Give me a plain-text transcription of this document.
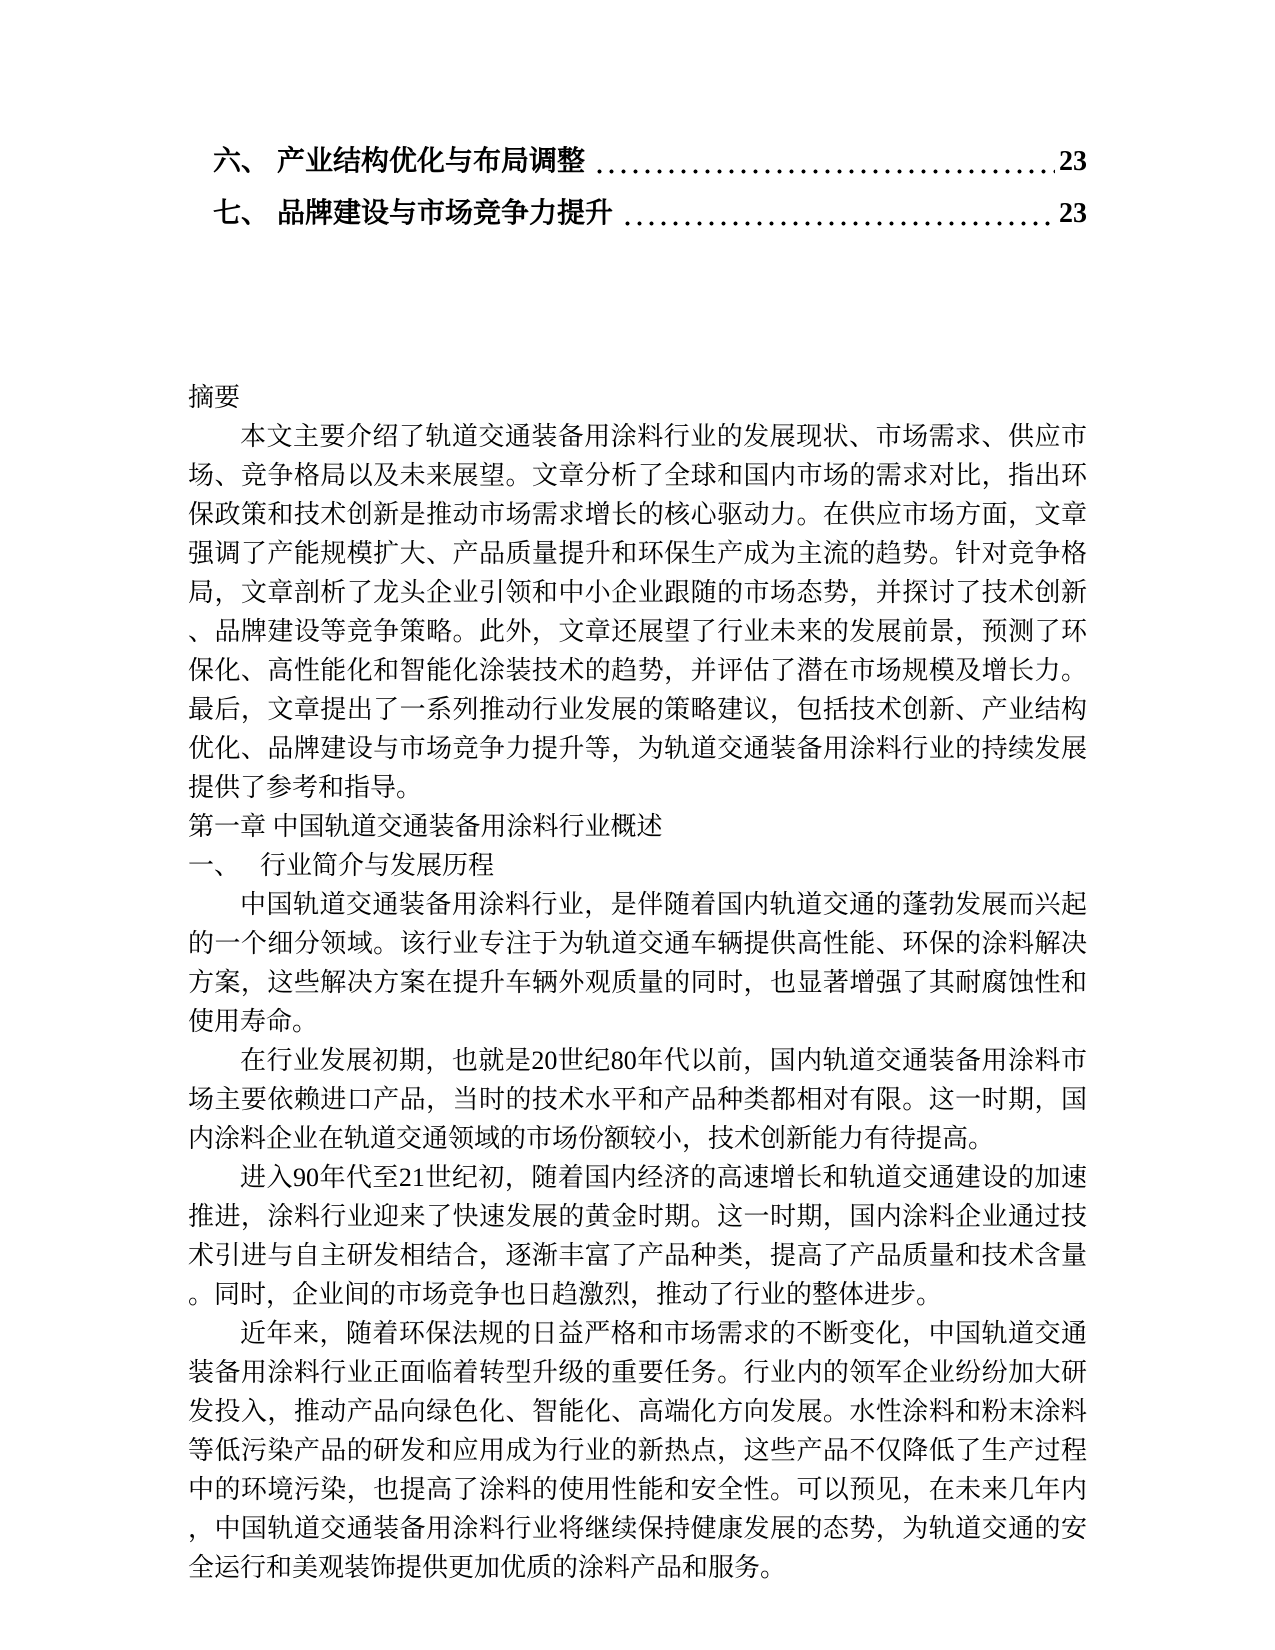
六、 产业结构优化与布局调整	23
七、 品牌建设与市场竞争力提升	23
摘要

本文主要介绍了轨道交通装备用涂料行业的发展现状、市场需求、供应市场、竞争格局以及未来展望。文章分析了全球和国内市场的需求对比，指出环保政策和技术创新是推动市场需求增长的核心驱动力。在供应市场方面，文章强调了产能规模扩大、产品质量提升和环保生产成为主流的趋势。针对竞争格局，文章剖析了龙头企业引领和中小企业跟随的市场态势，并探讨了技术创新、品牌建设等竞争策略。此外，文章还展望了行业未来的发展前景，预测了环保化、高性能化和智能化涂装技术的趋势，并评估了潜在市场规模及增长力。最后，文章提出了一系列推动行业发展的策略建议，包括技术创新、产业结构优化、品牌建设与市场竞争力提升等，为轨道交通装备用涂料行业的持续发展提供了参考和指导。

第一章 中国轨道交通装备用涂料行业概述
一、 行业简介与发展历程

中国轨道交通装备用涂料行业，是伴随着国内轨道交通的蓬勃发展而兴起的一个细分领域。该行业专注于为轨道交通车辆提供高性能、环保的涂料解决方案，这些解决方案在提升车辆外观质量的同时，也显著增强了其耐腐蚀性和使用寿命。

在行业发展初期，也就是20世纪80年代以前，国内轨道交通装备用涂料市场主要依赖进口产品，当时的技术水平和产品种类都相对有限。这一时期，国内涂料企业在轨道交通领域的市场份额较小，技术创新能力有待提高。

进入90年代至21世纪初，随着国内经济的高速增长和轨道交通建设的加速推进，涂料行业迎来了快速发展的黄金时期。这一时期，国内涂料企业通过技术引进与自主研发相结合，逐渐丰富了产品种类，提高了产品质量和技术含量。同时，企业间的市场竞争也日趋激烈，推动了行业的整体进步。

近年来，随着环保法规的日益严格和市场需求的不断变化，中国轨道交通装备用涂料行业正面临着转型升级的重要任务。行业内的领军企业纷纷加大研发投入，推动产品向绿色化、智能化、高端化方向发展。水性涂料和粉末涂料等低污染产品的研发和应用成为行业的新热点，这些产品不仅降低了生产过程中的环境污染，也提高了涂料的使用性能和安全性。可以预见，在未来几年内，中国轨道交通装备用涂料行业将继续保持健康发展的态势，为轨道交通的安全运行和美观装饰提供更加优质的涂料产品和服务。
